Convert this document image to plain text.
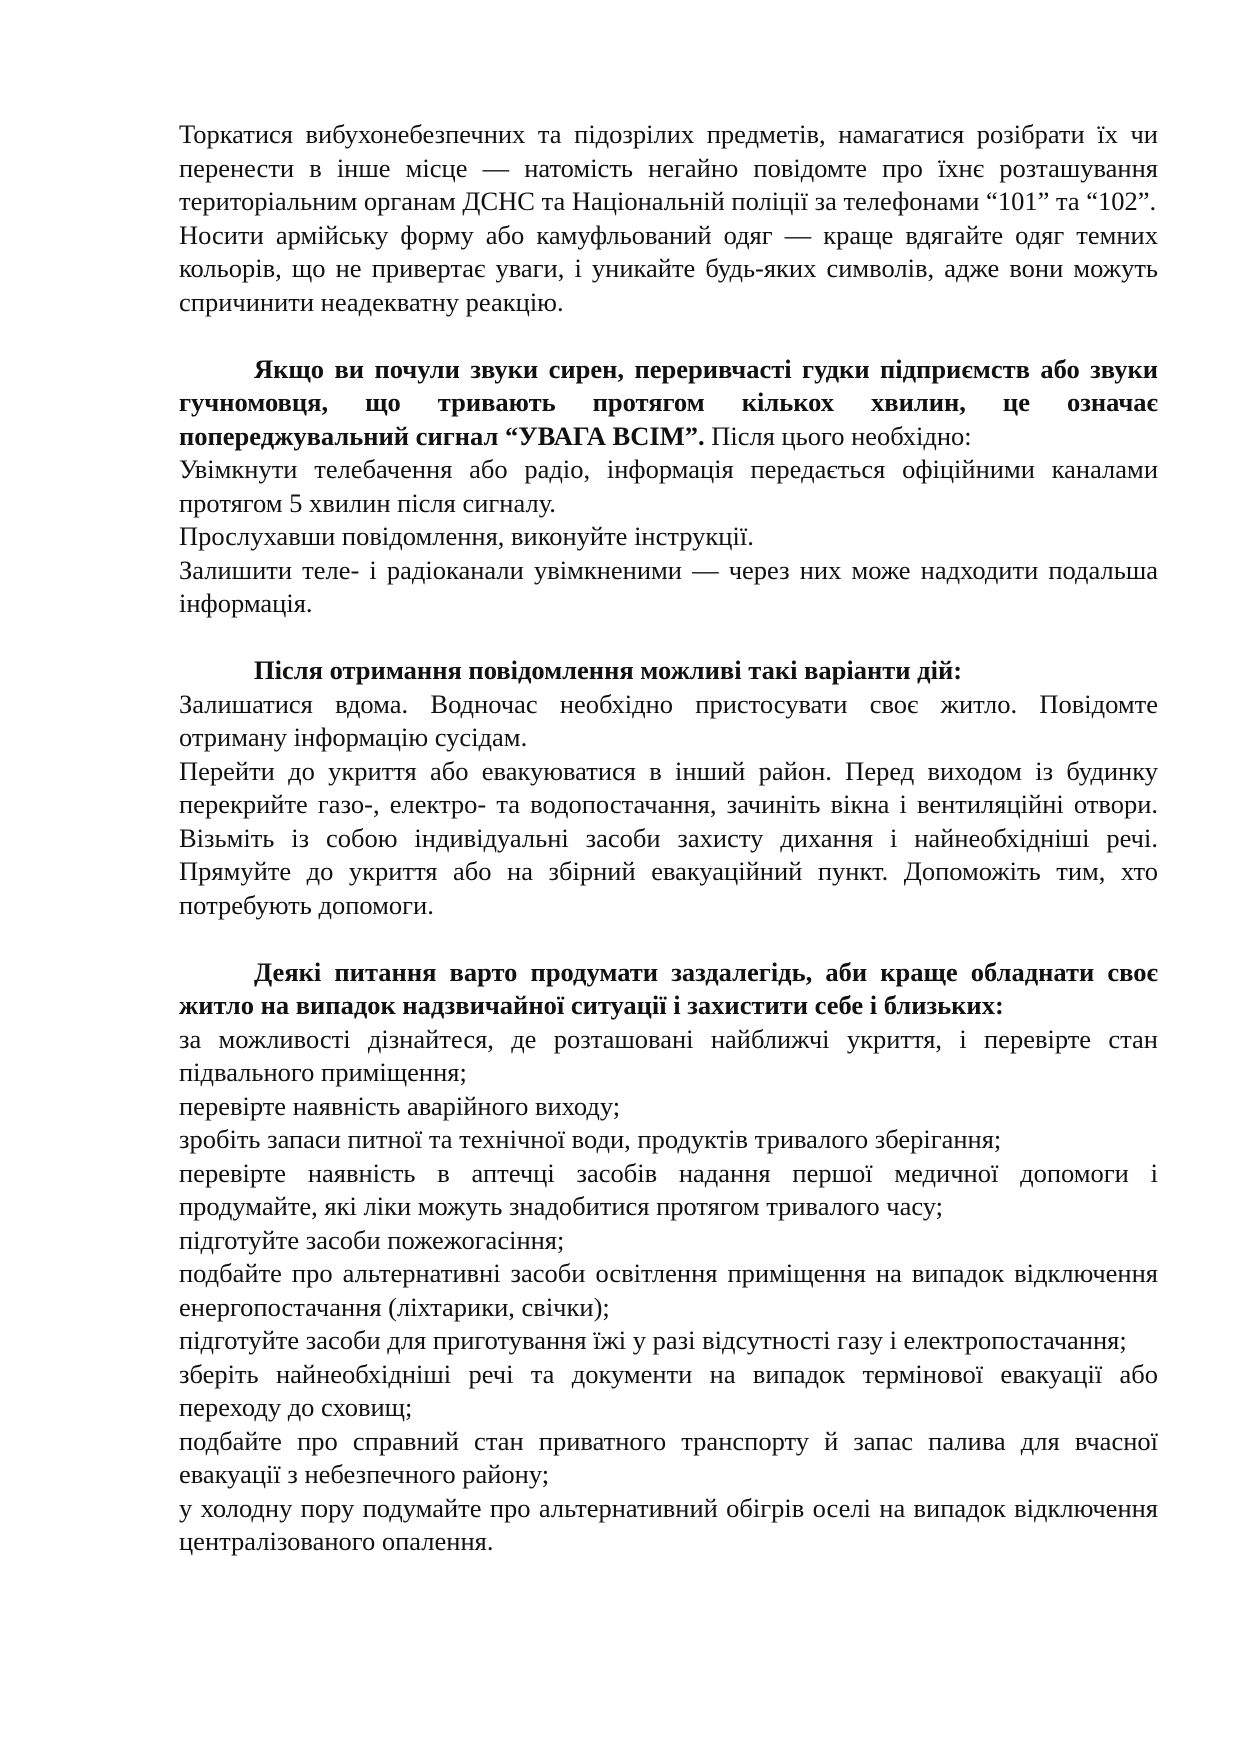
Торкатися вибухонебезпечних та підозрілих предметів, намагатися розібрати їх чи перенести в інше місце — натомість негайно повідомте про їхнє розташування територіальним органам ДСНС та Національній поліції за телефонами “101” та “102”.

Носити армійську форму або камуфльований одяг — краще вдягайте одяг темних кольорів, що не привертає уваги, і уникайте будь-яких символів, адже вони можуть спричинити неадекватну реакцію.

Якщо ви почули звуки сирен, переривчасті гудки підприємств або звуки гучномовця, що тривають протягом кількох хвилин, це означає попереджувальний сигнал “УВАГА ВСІМ”. Після цього необхідно:

Увімкнути телебачення або радіо, інформація передається офіційними каналами протягом 5 хвилин після сигналу.

Прослухавши повідомлення, виконуйте інструкції.

Залишити теле- і радіоканали увімкненими — через них може надходити подальша інформація.

Після отримання повідомлення можливі такі варіанти дій:

Залишатися вдома. Водночас необхідно пристосувати своє житло. Повідомте отриману інформацію сусідам.

Перейти до укриття або евакуюватися в інший район. Перед виходом із будинку перекрийте газо-, електро- та водопостачання, зачиніть вікна і вентиляційні отвори. Візьміть із собою індивідуальні засоби захисту дихання і найнеобхідніші речі. Прямуйте до укриття або на збірний евакуаційний пункт. Допоможіть тим, хто потребують допомоги.

Деякі питання варто продумати заздалегідь, аби краще обладнати своє житло на випадок надзвичайної ситуації і захистити себе і близьких:

за можливості дізнайтеся, де розташовані найближчі укриття, і перевірте стан підвального приміщення;

перевірте наявність аварійного виходу;

зробіть запаси питної та технічної води, продуктів тривалого зберігання;

перевірте наявність в аптечці засобів надання першої медичної допомоги і продумайте, які ліки можуть знадобитися протягом тривалого часу;

підготуйте засоби пожежогасіння;

подбайте про альтернативні засоби освітлення приміщення на випадок відключення енергопостачання (ліхтарики, свічки);

підготуйте засоби для приготування їжі у разі відсутності газу і електропостачання;

зберіть найнеобхідніші речі та документи на випадок термінової евакуації або переходу до сховищ;

подбайте про справний стан приватного транспорту й запас палива для вчасної евакуації з небезпечного району;

у холодну пору подумайте про альтернативний обігрів оселі на випадок відключення централізованого опалення.
